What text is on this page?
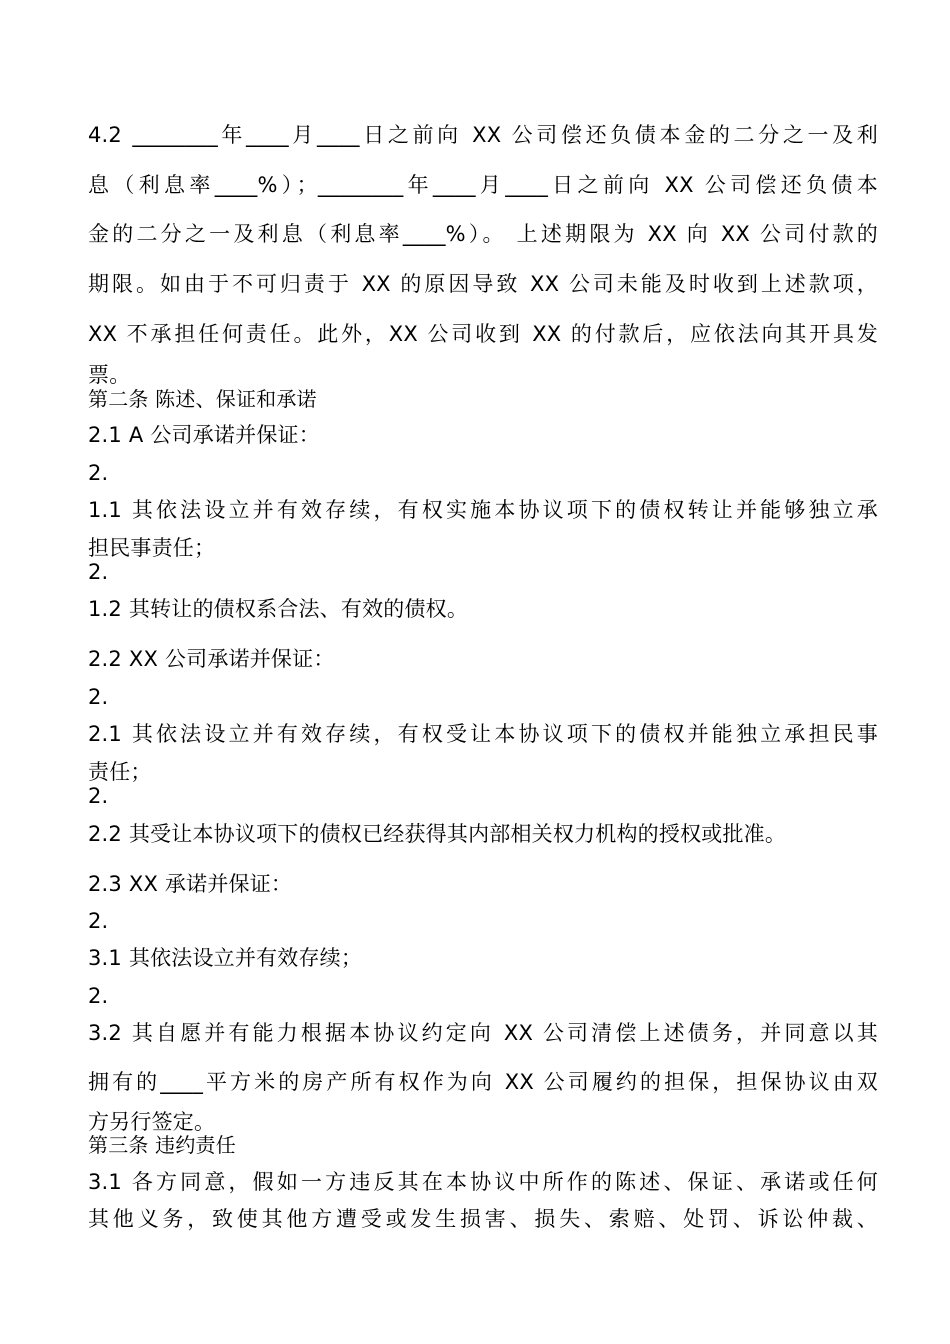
4.2 ________年____月____日之前向 XX 公司偿还负债本金的二分之一及利
息（利息率____%）；________年____月____日之前向 XX 公司偿还负债本
金的二分之一及利息（利息率____%）。 上述期限为 XX 向 XX 公司付款的
期限。如由于不可归责于 XX 的原因导致 XX 公司未能及时收到上述款项，
XX 不承担任何责任。此外，XX 公司收到 XX 的付款后，应依法向其开具发
票。
第二条 陈述、保证和承诺
2.1 A 公司承诺并保证：
2.
1.1 其依法设立并有效存续，有权实施本协议项下的债权转让并能够独立承
担民事责任；
2.
1.2 其转让的债权系合法、有效的债权。
2.2 XX 公司承诺并保证：
2.
2.1 其依法设立并有效存续，有权受让本协议项下的债权并能独立承担民事
责任；
2.
2.2 其受让本协议项下的债权已经获得其内部相关权力机构的授权或批准。
2.3 XX 承诺并保证：
2.
3.1 其依法设立并有效存续；
2.
3.2 其自愿并有能力根据本协议约定向 XX 公司清偿上述债务，并同意以其
拥有的____平方米的房产所有权作为向 XX 公司履约的担保，担保协议由双
方另行签定。
第三条 违约责任
3.1 各方同意，假如一方违反其在本协议中所作的陈述、保证、承诺或任何
其他义务，致使其他方遭受或发生损害、损失、索赔、处罚、诉讼仲裁、
